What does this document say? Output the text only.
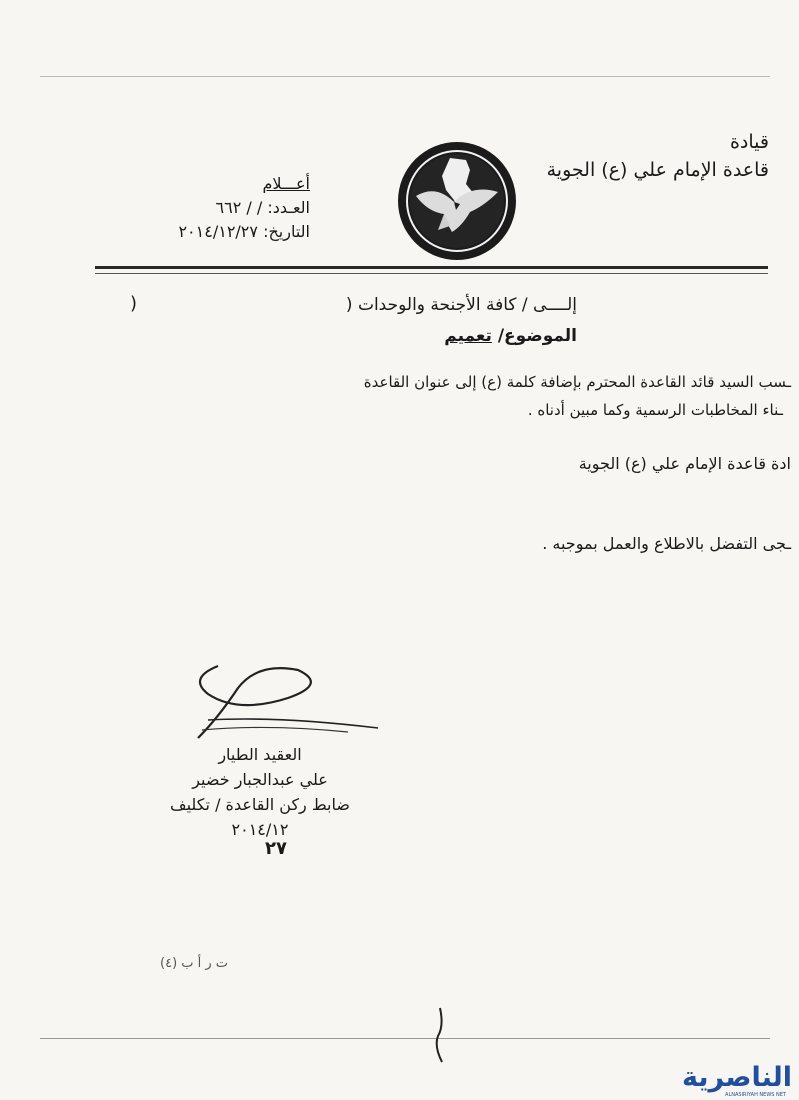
قيادة
قاعدة الإمام علي (ع) الجوية
أعـــلام
العـدد: / / ٦٦٢
التاريخ: ٢٠١٤/١٢/٢٧
إلــــى / كافة الأجنحة والوحدات (
)
الموضوع/ تعميم
ـسب السيد قائد القاعدة المحترم بإضافة كلمة (ع) إلى عنوان القاعدة
ـناء المخاطبات الرسمية وكما مبين أدناه .
ادة قاعدة الإمام علي (ع) الجوية
ـجى التفضل بالاطلاع والعمل بموجبه .
العقيد الطيار
علي عبدالجبار خضير
ضابط ركن القاعدة / تكليف
٢٠١٤/١٢
٢٧
ت ر أ ب (٤)
الناصرية
ALNASIRIYAH NEWS NET
